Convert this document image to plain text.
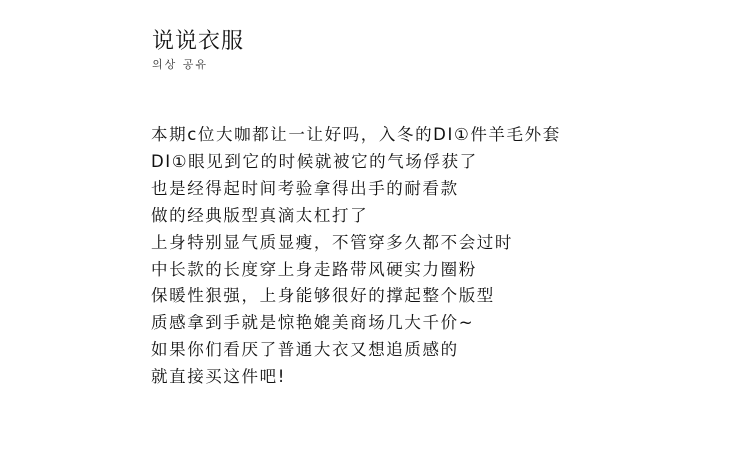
说说衣服
의상 공유
本期c位大咖都让一让好吗，入冬的DI①件羊毛外套
DI①眼见到它的时候就被它的气场俘获了
也是经得起时间考验拿得出手的耐看款
做的经典版型真滴太杠打了
上身特别显气质显瘦，不管穿多久都不会过时
中长款的长度穿上身走路带风硬实力圈粉
保暖性狠强，上身能够很好的撑起整个版型
质感拿到手就是惊艳媲美商场几大千价~
如果你们看厌了普通大衣又想追质感的
就直接买这件吧!
